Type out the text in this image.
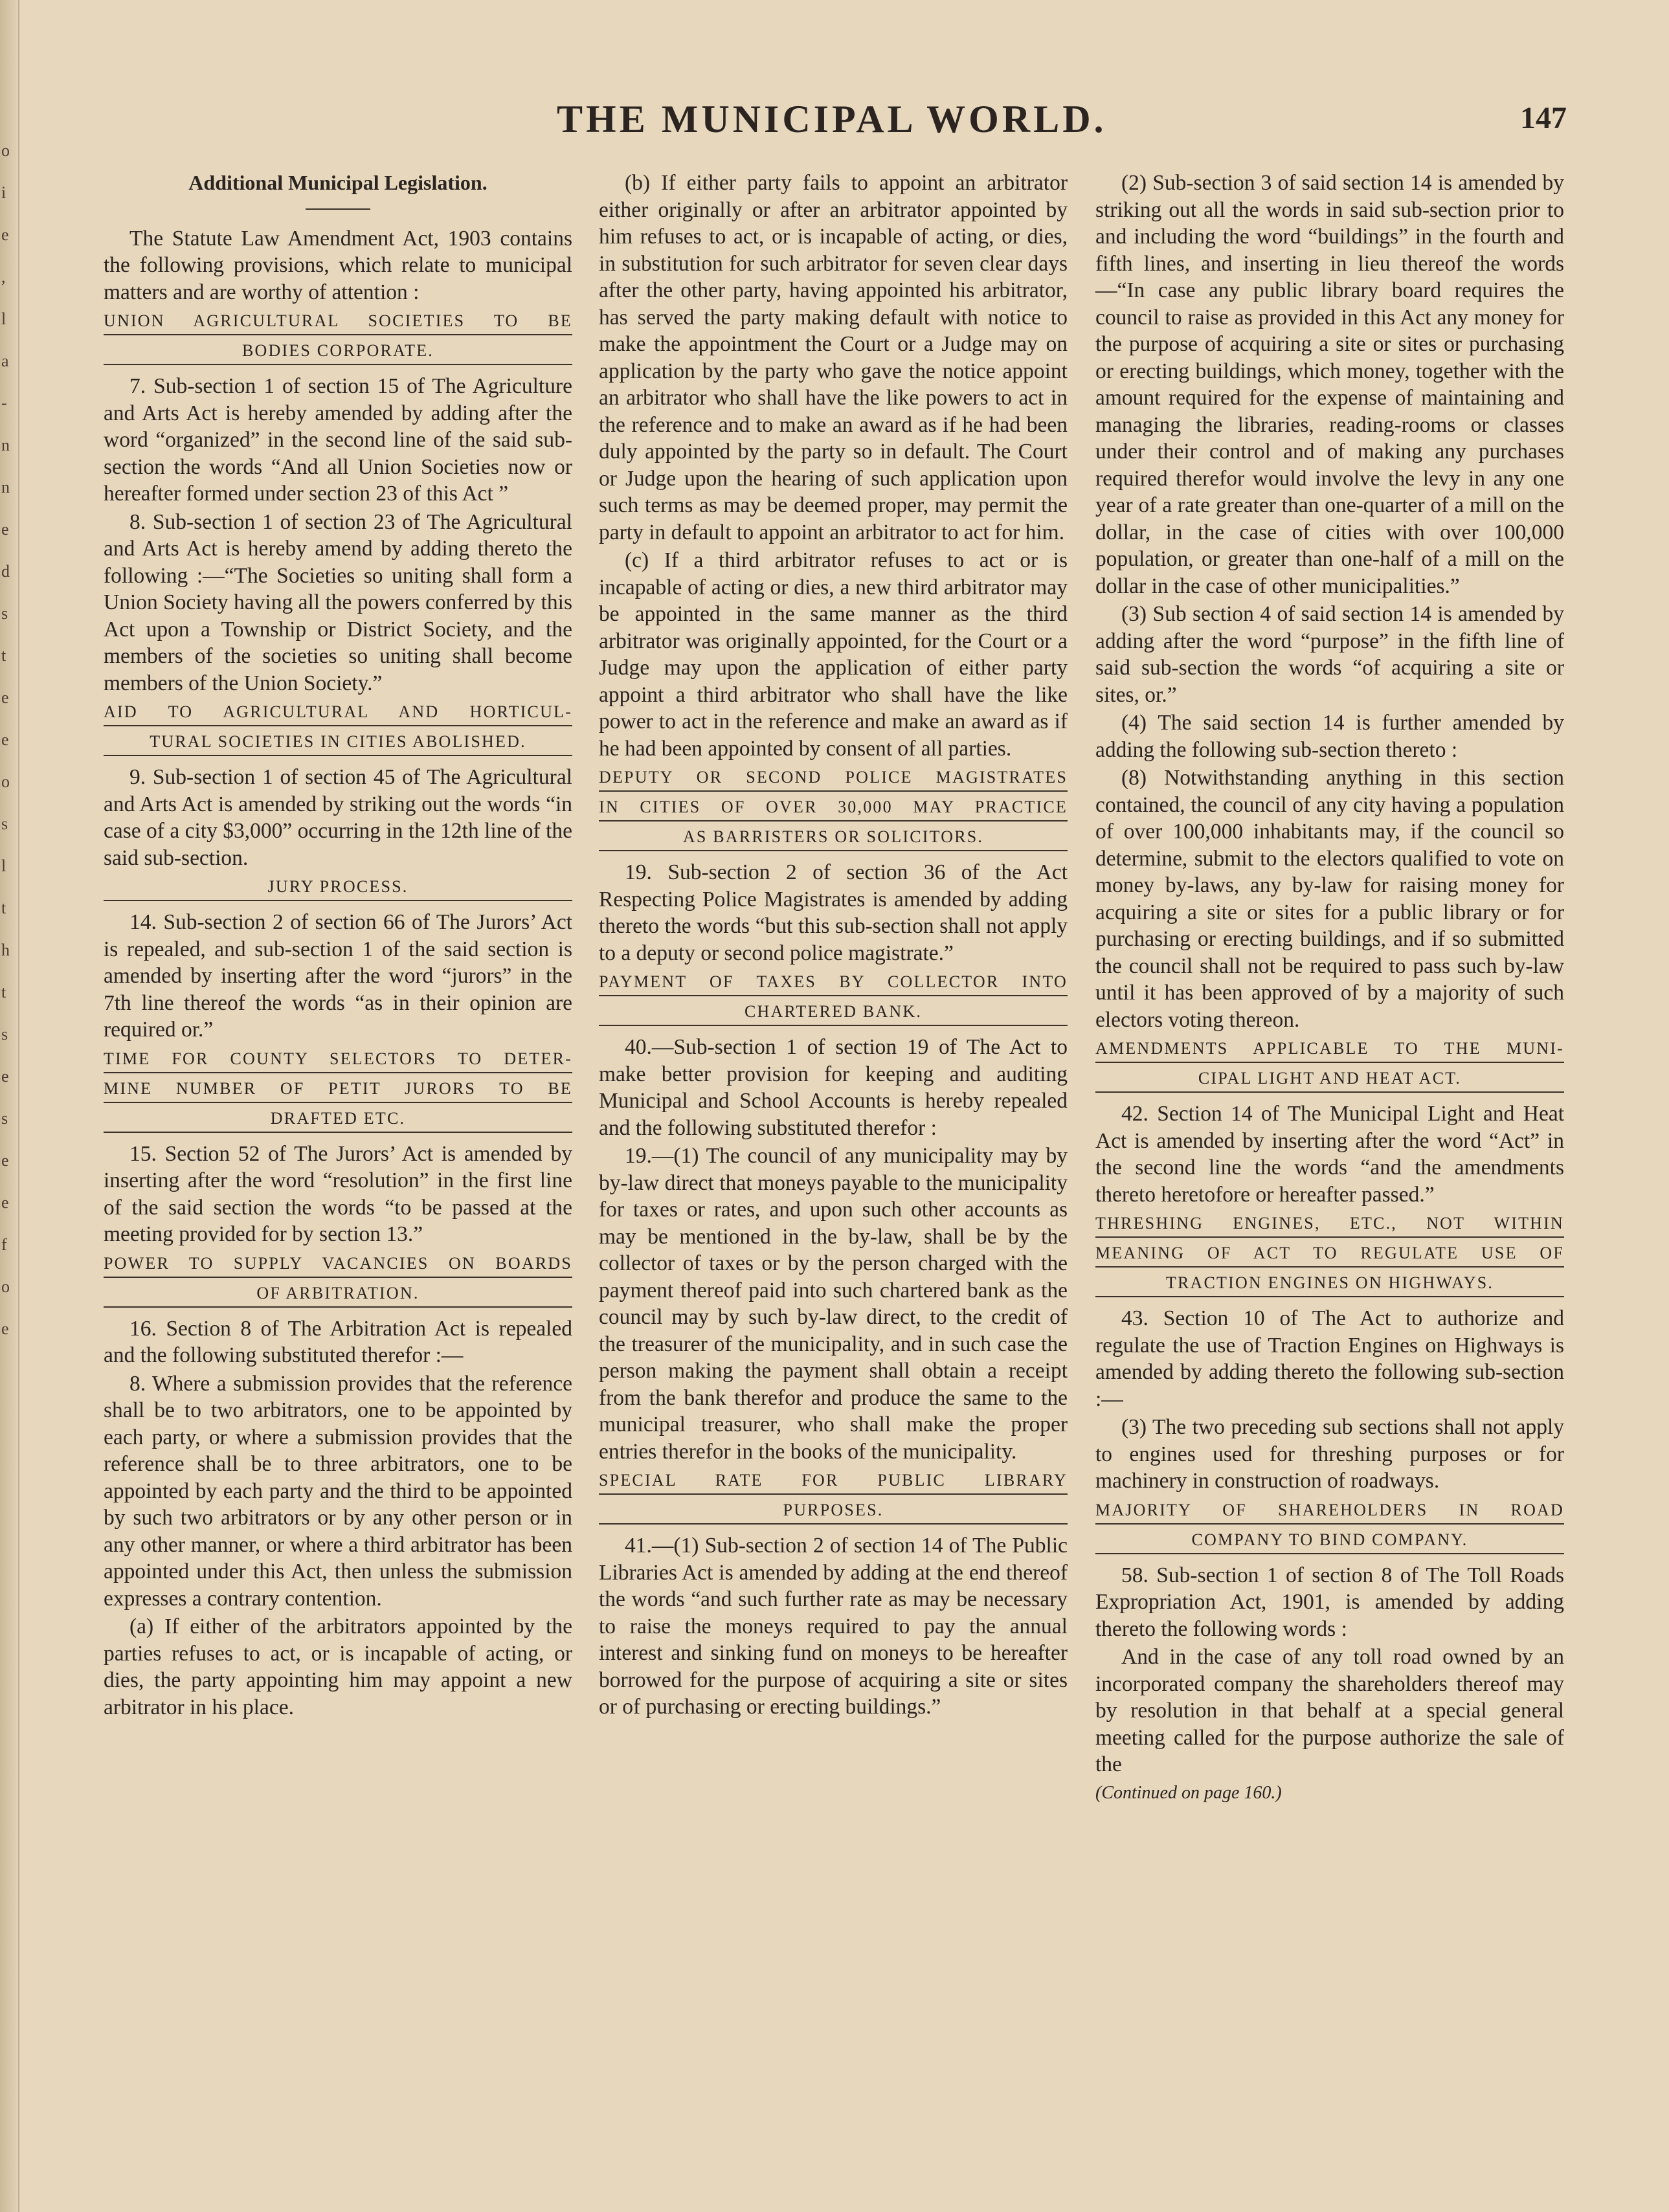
o
i
e
,
l
a
-
n
n
e
d
s
t
e
e
o
s
l
t
h
t
s
e
s
e
e
f
o
e
THE MUNICIPAL WORLD.	147
Additional Municipal Legislation.

The Statute Law Amendment Act, 1903 contains the following provisions, which relate to municipal matters and are worthy of attention :

UNION AGRICULTURAL SOCIETIES TO BE
BODIES CORPORATE.

7. Sub-section 1 of section 15 of The Agriculture and Arts Act is hereby amended by adding after the word “organized” in the second line of the said sub-section the words “And all Union Societies now or hereafter formed under section 23 of this Act ”

8. Sub-section 1 of section 23 of The Agricultural and Arts Act is hereby amend by adding thereto the following :—“The Societies so uniting shall form a Union Society having all the powers conferred by this Act upon a Township or District Society, and the members of the societies so uniting shall become members of the Union Society.”

AID TO AGRICULTURAL AND HORTICUL-
TURAL SOCIETIES IN CITIES ABOLISHED.

9. Sub-section 1 of section 45 of The Agricultural and Arts Act is amended by striking out the words “in case of a city $3,000” occurring in the 12th line of the said sub-section.

JURY PROCESS.

14. Sub-section 2 of section 66 of The Jurors’ Act is repealed, and sub-section 1 of the said section is amended by inserting after the word “jurors” in the 7th line thereof the words “as in their opinion are required or.”

TIME FOR COUNTY SELECTORS TO DETER-
MINE NUMBER OF PETIT JURORS TO BE
DRAFTED ETC.

15. Section 52 of The Jurors’ Act is amended by inserting after the word “resolution” in the first line of the said section the words “to be passed at the meeting provided for by section 13.”

POWER TO SUPPLY VACANCIES ON BOARDS
OF ARBITRATION.

16. Section 8 of The Arbitration Act is repealed and the following substituted therefor :—

8. Where a submission provides that the reference shall be to two arbitrators, one to be appointed by each party, or where a submission provides that the reference shall be to three arbitrators, one to be appointed by each party and the third to be appointed by such two arbitrators or by any other person or in any other manner, or where a third arbitrator has been appointed under this Act, then unless the submission expresses a contrary contention.

(a) If either of the arbitrators appointed by the parties refuses to act, or is incapable of acting, or dies, the party appointing him may appoint a new arbitrator in his place.

(b) If either party fails to appoint an arbitrator either originally or after an arbitrator appointed by him refuses to act, or is incapable of acting, or dies, in substitution for such arbitrator for seven clear days after the other party, having appointed his arbitrator, has served the party making default with notice to make the appointment the Court or a Judge may on application by the party who gave the notice appoint an arbitrator who shall have the like powers to act in the reference and to make an award as if he had been duly appointed by the party so in default. The Court or Judge upon the hearing of such application upon such terms as may be deemed proper, may permit the party in default to appoint an arbitrator to act for him.

(c) If a third arbitrator refuses to act or is incapable of acting or dies, a new third arbitrator may be appointed in the same manner as the third arbitrator was originally appointed, for the Court or a Judge may upon the application of either party appoint a third arbitrator who shall have the like power to act in the reference and make an award as if he had been appointed by consent of all parties.

DEPUTY OR SECOND POLICE MAGISTRATES
IN CITIES OF OVER 30,000 MAY PRACTICE
AS BARRISTERS OR SOLICITORS.

19. Sub-section 2 of section 36 of the Act Respecting Police Magistrates is amended by adding thereto the words “but this sub-section shall not apply to a deputy or second police magistrate.”

PAYMENT OF TAXES BY COLLECTOR INTO
CHARTERED BANK.

40.—Sub-section 1 of section 19 of The Act to make better provision for keeping and auditing Municipal and School Accounts is hereby repealed and the following substituted therefor :

19.—(1) The council of any municipality may by by-law direct that moneys payable to the municipality for taxes or rates, and upon such other accounts as may be mentioned in the by-law, shall be by the collector of taxes or by the person charged with the payment thereof paid into such chartered bank as the council may by such by-law direct, to the credit of the treasurer of the municipality, and in such case the person making the payment shall obtain a receipt from the bank therefor and produce the same to the municipal treasurer, who shall make the proper entries therefor in the books of the municipality.

SPECIAL RATE FOR PUBLIC LIBRARY
PURPOSES.

41.—(1) Sub-section 2 of section 14 of The Public Libraries Act is amended by adding at the end thereof the words “and such further rate as may be necessary to raise the moneys required to pay the annual interest and sinking fund on moneys to be hereafter borrowed for the purpose of acquiring a site or sites or of purchasing or erecting buildings.”

(2) Sub-section 3 of said section 14 is amended by striking out all the words in said sub-section prior to and including the word “buildings” in the fourth and fifth lines, and inserting in lieu thereof the words—“In case any public library board requires the council to raise as provided in this Act any money for the purpose of acquiring a site or sites or purchasing or erecting buildings, which money, together with the amount required for the expense of maintaining and managing the libraries, reading-rooms or classes under their control and of making any purchases required therefor would involve the levy in any one year of a rate greater than one-quarter of a mill on the dollar, in the case of cities with over 100,000 population, or greater than one-half of a mill on the dollar in the case of other municipalities.”

(3) Sub section 4 of said section 14 is amended by adding after the word “purpose” in the fifth line of said sub-section the words “of acquiring a site or sites, or.”

(4) The said section 14 is further amended by adding the following sub-section thereto :

(8) Notwithstanding anything in this section contained, the council of any city having a population of over 100,000 inhabitants may, if the council so determine, submit to the electors qualified to vote on money by-laws, any by-law for raising money for acquiring a site or sites for a public library or for purchasing or erecting buildings, and if so submitted the council shall not be required to pass such by-law until it has been approved of by a majority of such electors voting thereon.

AMENDMENTS APPLICABLE TO THE MUNI-
CIPAL LIGHT AND HEAT ACT.

42. Section 14 of The Municipal Light and Heat Act is amended by inserting after the word “Act” in the second line the words “and the amendments thereto heretofore or hereafter passed.”

THRESHING ENGINES, ETC., NOT WITHIN
MEANING OF ACT TO REGULATE USE OF
TRACTION ENGINES ON HIGHWAYS.

43. Section 10 of The Act to authorize and regulate the use of Traction Engines on Highways is amended by adding thereto the following sub-section :—

(3) The two preceding sub sections shall not apply to engines used for threshing purposes or for machinery in construction of roadways.

MAJORITY OF SHAREHOLDERS IN ROAD
COMPANY TO BIND COMPANY.

58. Sub-section 1 of section 8 of The Toll Roads Expropriation Act, 1901, is amended by adding thereto the following words :

And in the case of any toll road owned by an incorporated company the shareholders thereof may by resolution in that behalf at a special general meeting called for the purpose authorize the sale of the

(Continued on page 160.)
